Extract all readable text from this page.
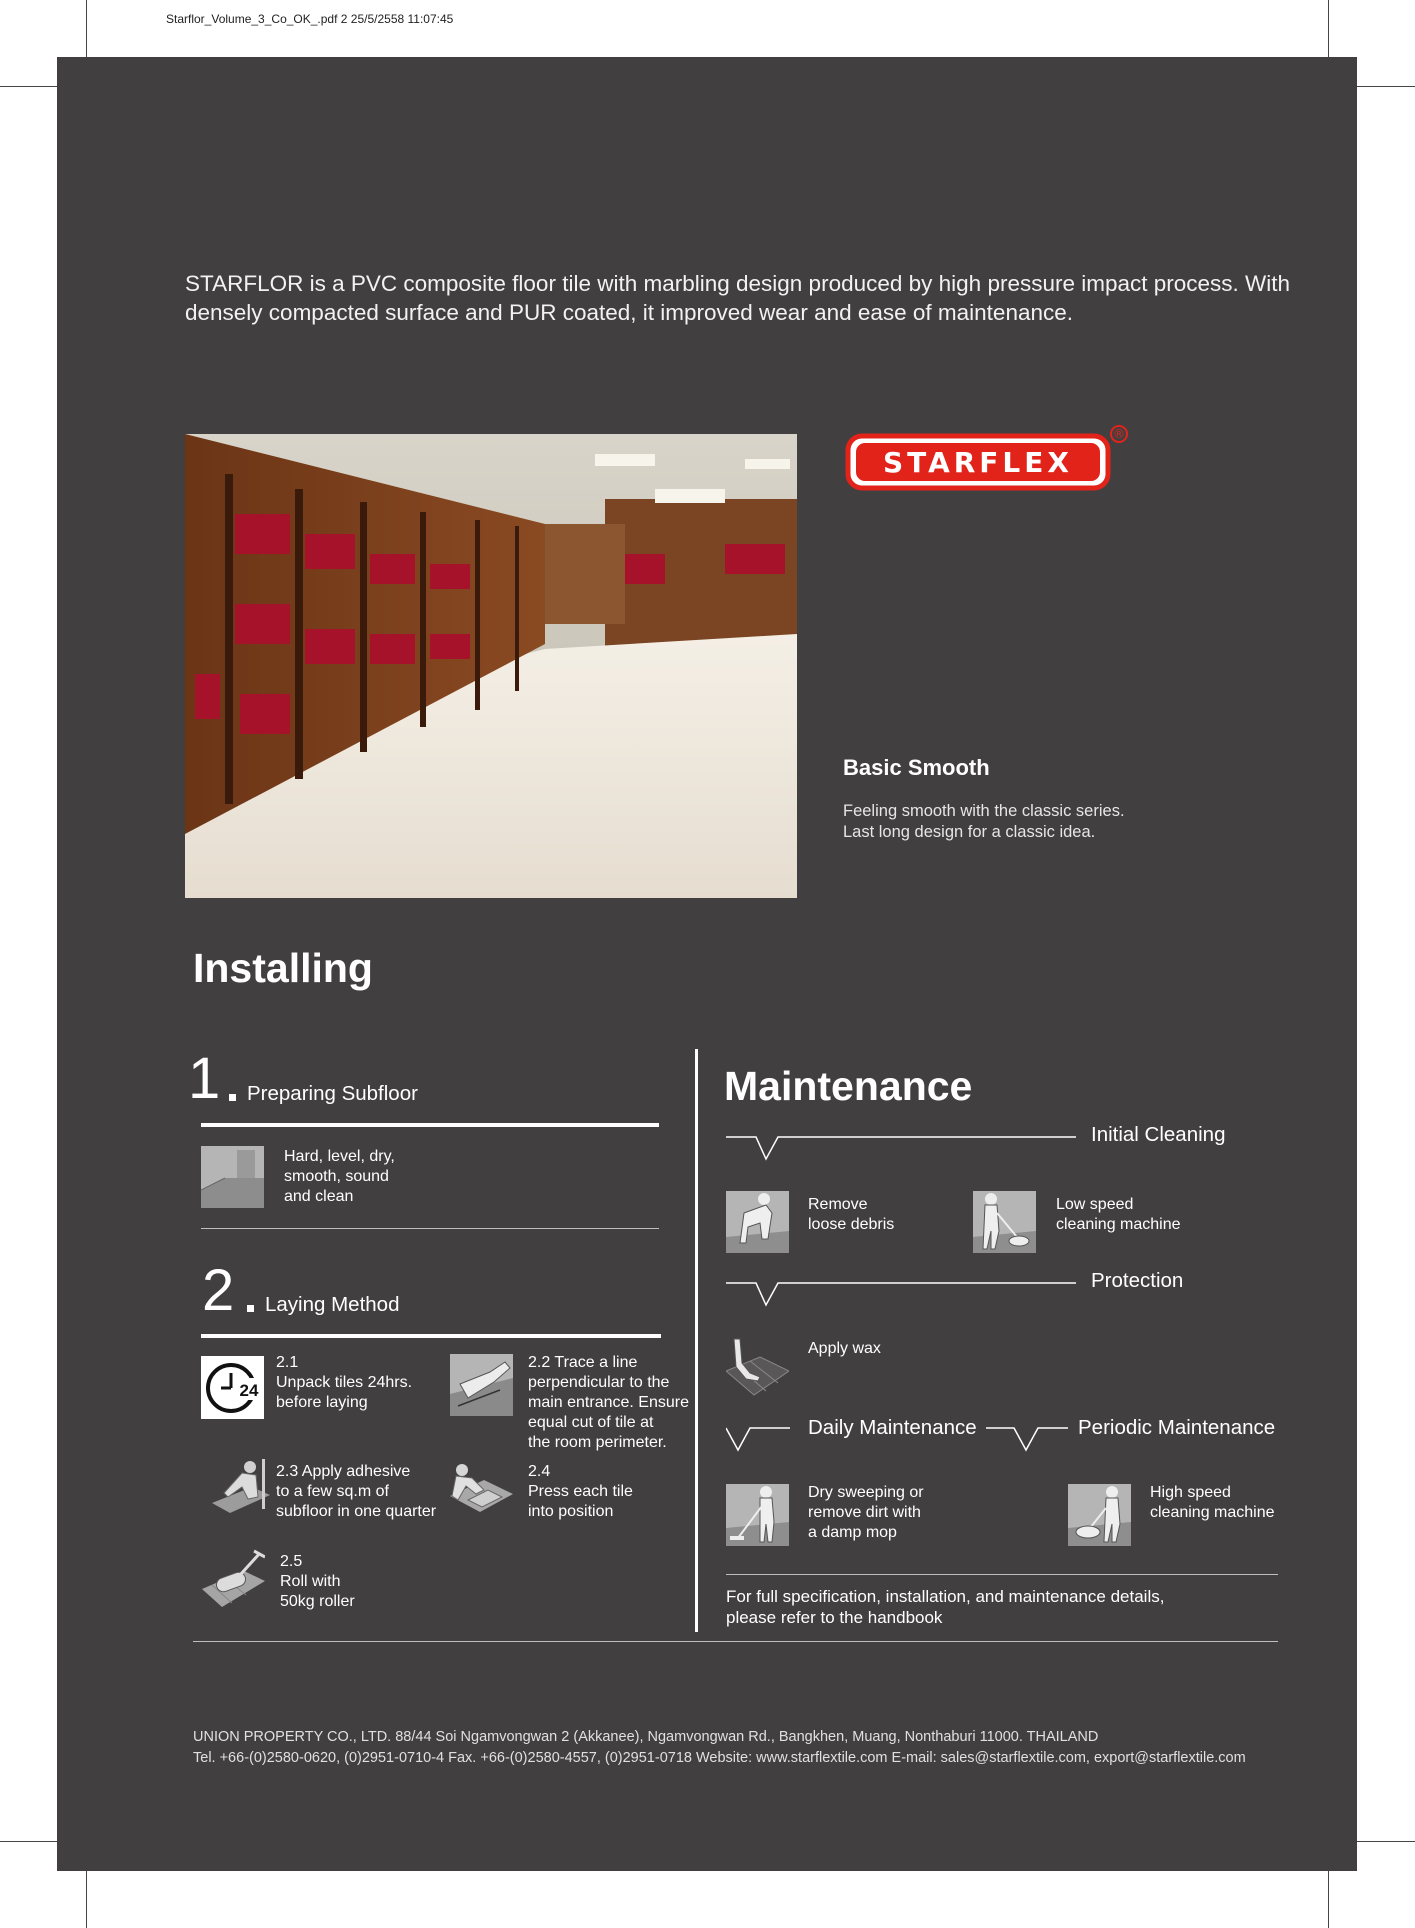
Starflor_Volume_3_Co_OK_.pdf 2 25/5/2558 11:07:45
STARFLOR is a PVC composite floor tile with marbling design produced by high pressure impact process. With densely compacted surface and PUR coated, it improved wear and ease of maintenance.
STARFLEX
®
Basic Smooth
Feeling smooth with the classic series.
Last long design for a classic idea.
Installing
1 Preparing Subfloor
Hard, level, dry,
smooth, sound
and clean
2 Laying Method
24
2.1
Unpack tiles 24hrs.
before laying
2.2 Trace a line
perpendicular to the
main entrance. Ensure
equal cut of tile at
the room perimeter.
2.3 Apply adhesive
to a few sq.m of
subfloor in one quarter
2.4
Press each tile
into position
2.5
Roll with
50kg roller
Maintenance
Initial Cleaning
Remove
loose debris
Low speed
cleaning machine
Protection
Apply wax
Daily Maintenance	Periodic Maintenance
Dry sweeping or
remove dirt with
a damp mop
High speed
cleaning machine
For full specification, installation, and maintenance details,
please refer to the handbook
UNION PROPERTY CO., LTD. 88/44 Soi Ngamvongwan 2 (Akkanee), Ngamvongwan Rd., Bangkhen, Muang, Nonthaburi 11000. THAILAND
Tel. +66-(0)2580-0620, (0)2951-0710-4 Fax. +66-(0)2580-4557, (0)2951-0718 Website: www.starflextile.com E-mail: sales@starflextile.com, export@starflextile.com
